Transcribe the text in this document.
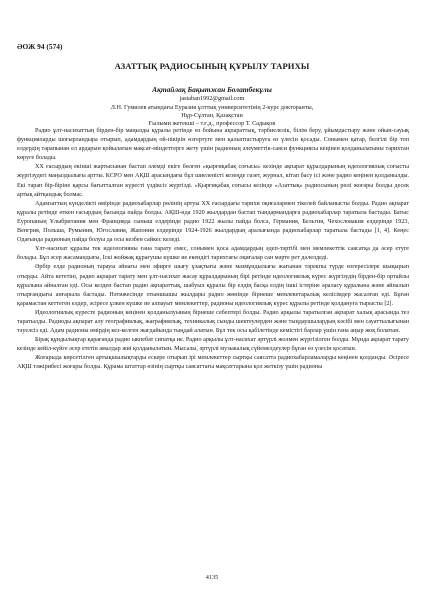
ӘОЖ 94 (574)
АЗАТТЫҚ РАДИОСЫНЫҢ ҚҰРЫЛУ ТАРИХЫ
Ақтайлақ Бақытжан Болатбекұлы
jastaban1992@gmail.com
Л.Н. Гумилев атындағы Еуразия ұлттық университетінің 2-курс докторанты,
Нұр-Сұлтан, Қазақстан
Ғылыми жетекші – т.ғ.д., профессор Т. Садықов

Радио ұлт-насихаттың бірден-бір маңызды құралы ретінде өз бойына ақпараттық, тәрбиелелік, білім беру, ұйымдастыру және ойын-сауық функцияларды шоғырландыра отырып, адамдардың ой-пікірін өзгертуге мен қалыптастыруға өз үлесін қосады. Сонымен қатар, белгілі бір топ елдердің тарапынан ел ардарын қойылатын мақсат-міндеттерге жету үшін радионың әлеуметтік-саяси функциясы кеңінен қолданылатыны тарихтан көруге болады.

XX ғасырдың екінші жартысынан бастап әлемді екіге бөлген «қырғиқабақ соғысы» кезінде ақпарат құралдарының идеологиялық соғысты жүргізудегі маңыздылығы артты. КСРО мен АҚШ арасындағы бұл шиеленісті кезеңде газет, журнал, кітап басу ісі және радио кеңінен қолданылды. Екі тарап бір-біріне қарсы бағытталған күресті үздіксіз жүргізді. «Қырғиқабақ соғысы кезінде «Азаттық» радиосының рөлі жоғары болды десек артық айтқандық болмас.

Адамзаттың күнделікті өмірінде радиохабарлар рөлінің артуы XX ғасырдағы тарихи оқиғалармен тікелей байланысты болды. Радио ақпарат құралы ретінде өткен ғасырдың басында пайда болды. АҚШ-нда 1920 жылдардан бастап тындармандарға радиохабарлар таратыла бастады. Батыс Еуропаның Ұлыбритания мен Францияда сыныш елдерінде радио 1922 жылы пайда болса, Германия, Бельгия, Чехословакия елдерінде 1923, Венгрия, Польша, Румыния, Югославия, Жапония елдерінде 1924-1926 жылдардың аралығында радиохабарлар таратыла бастады [1, 4]. Кеңес Одағында радионың пайда болуы да осы кезбен сайкес келеді.

Ұлт-насихат құралы тек идеологияны ғана тарату емес, сонымен қоса адамдардың әдеп-тәртібі мен мемлекеттік саясатқа да әсер етуге болады. Бұл әсер жасамандығы, Іскі жойжақ құрағушы күшке ие екендігі тарихтағы оқиғалар сан мәрте рет дәлелдеді.

Әрбір елде радионың тарауы әйнағы мен эфирге шығу ұзақтығы және мазмұндылығы жағынан тәрекпы түрде өзгересілере шықырып отырды. Айта кететіні, радио ақпарат тарату мен ұлт-насихат жасау құралдарының бірі ретінде идеологиялық күрес жүргізудің бірден-бір ортайлы құралына айналған еді. Осы кезден бастап радио ақпараттық, шабуыл құралы бір елдің басқа елдің ішкі істеріне араласу құралына және айналып отырғандығы анғарыла бастады. Нәтижесінде отыншышы жылдары радио жөнінде бірнеше мемлекетаралық келісімдер жасалған еді. Бұған қарамастан кеттеген елдер, әсіресе ұлкен күшке ие алпауыт мемлекеттер, радионы идеологиялық күрес құралы ретінде қолдануға тырысты [2].

Идеологиялық күресте радионың кеңінен қолданылуының бірнеше себептері болды. Радио арқылы таратылған ақпарат халық арасында тез таратылды. Радиоды ақпарат алу географиялық, жағрафиялық, техникалық сынды шектеулерден және тыңдаушылардың кәсібі мен сауаттылығынан тәуелсіз еді. Адам радионы өмірдің кез-келген жағдайында тыңдай алатын. Бұл тек осы қабілетінде кемістігі барлар үшін ғана аңыр жоқ болатын.

Бірақ құндылықтар қарағанда радио ыкпебат сипатқа ие. Радио арқылы ұлт-насихат әртүрлі жолмен жүргізілген болды. Мұнда ақпарат тарату кезінде кейіл-күйге әсер ететін амалдар жиі қолданылатын. Мысалы, әртүрлі музыкалық сүйемелдеулер бұған өз үлесін қосатын.

Жоғарыда көрсетілген артықшылықтарды ескере отырып ірі мемлекеттер сыртқы саясатта радиохабарламаларды кеңінен қолданды. Әсіресе АҚШ тәжірибесі жоғары болды. Құрама штаттар өзінің сыртқы саясаттағы мақсаттарына қол жеткізу үшін радионы

4135
